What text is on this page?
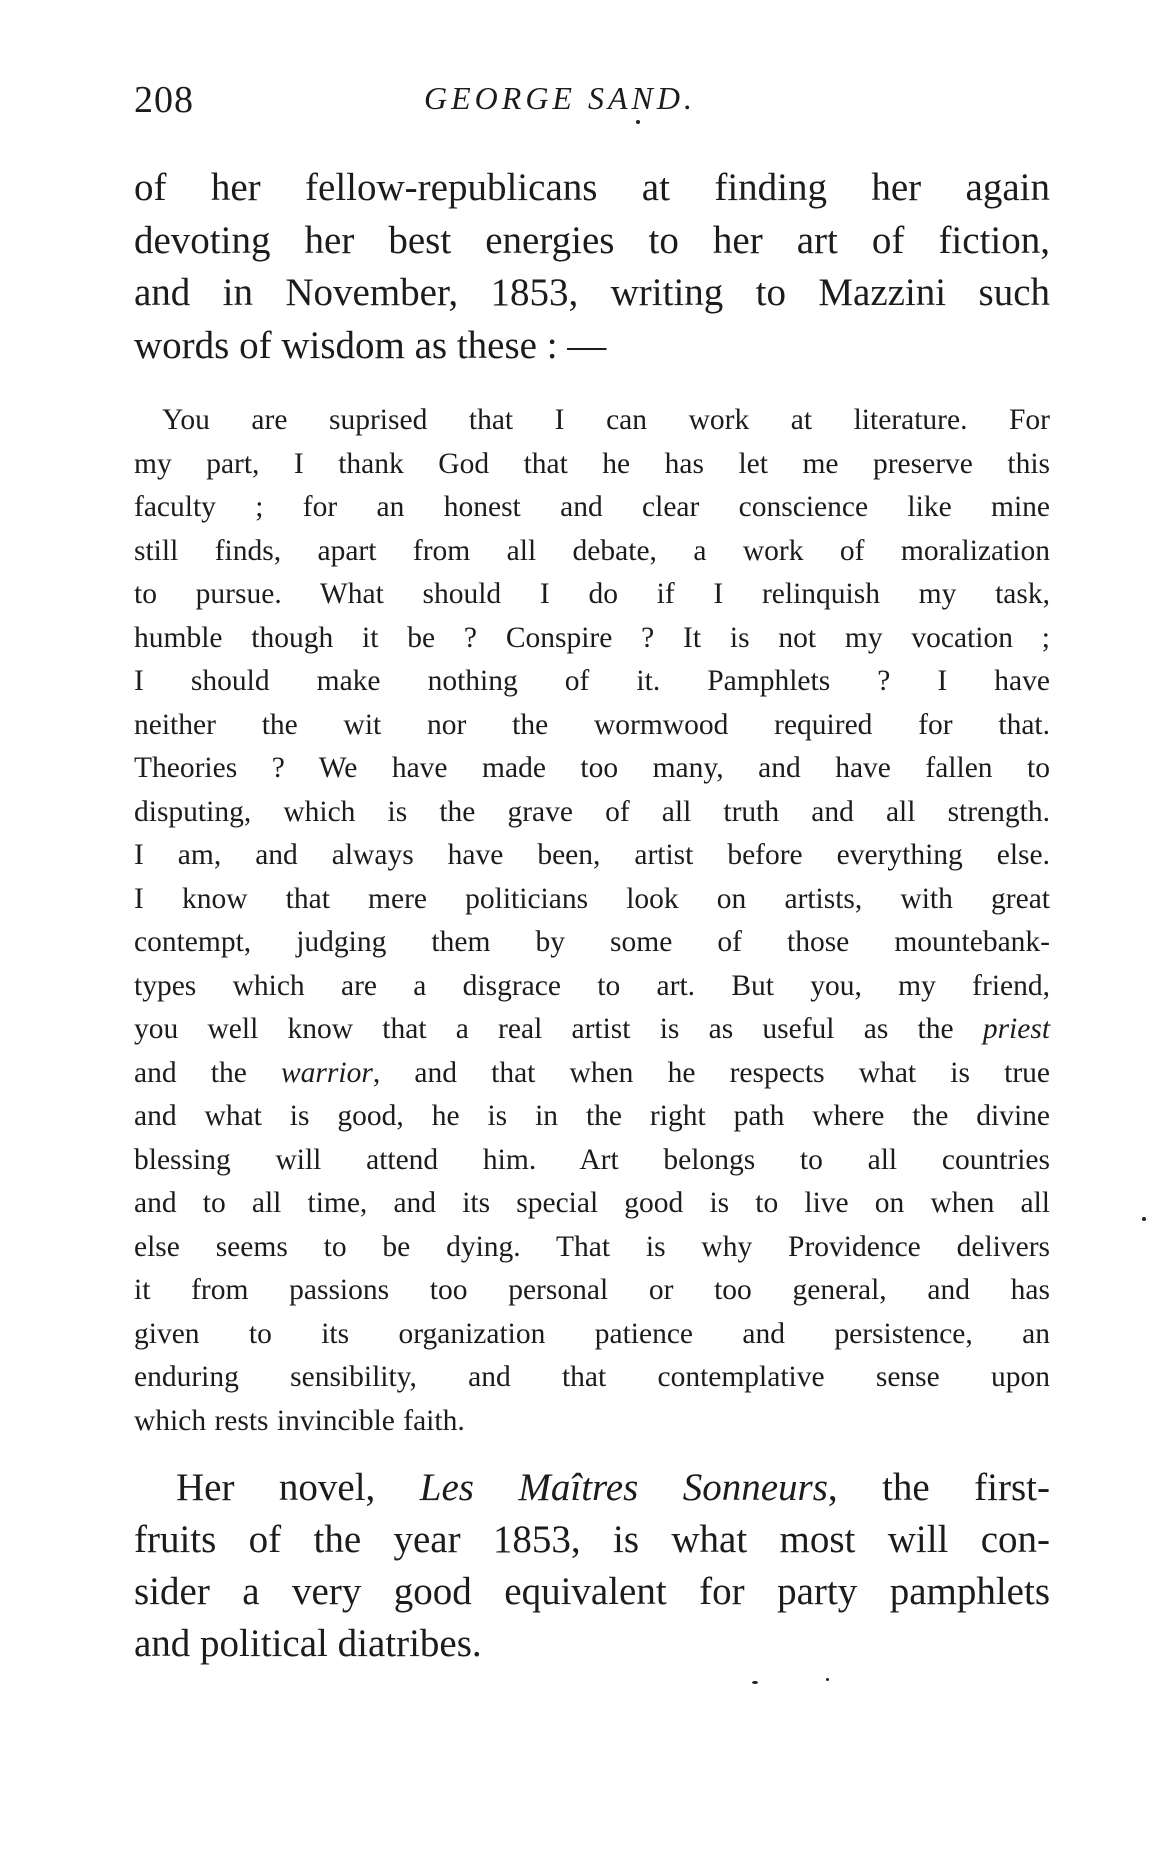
208	GEORGE SAND.
of her fellow-republicans at finding her again
devoting her best energies to her art of fiction,
and in November, 1853, writing to Mazzini such
words of wisdom as these : —
You are suprised that I can work at literature. For
my part, I thank God that he has let me preserve this
faculty ; for an honest and clear conscience like mine
still finds, apart from all debate, a work of moralization
to pursue. What should I do if I relinquish my task,
humble though it be ? Conspire ? It is not my vocation ;
I should make nothing of it. Pamphlets ? I have
neither the wit nor the wormwood required for that.
Theories ? We have made too many, and have fallen to
disputing, which is the grave of all truth and all strength.
I am, and always have been, artist before everything else.
I know that mere politicians look on artists, with great
contempt, judging them by some of those mountebank-
types which are a disgrace to art. But you, my friend,
you well know that a real artist is as useful as the priest
and the warrior, and that when he respects what is true
and what is good, he is in the right path where the divine
blessing will attend him. Art belongs to all countries
and to all time, and its special good is to live on when all
else seems to be dying. That is why Providence delivers
it from passions too personal or too general, and has
given to its organization patience and persistence, an
enduring sensibility, and that contemplative sense upon
which rests invincible faith.
Her novel, Les Maîtres Sonneurs, the first-
fruits of the year 1853, is what most will con-
sider a very good equivalent for party pamphlets
and political diatribes.
